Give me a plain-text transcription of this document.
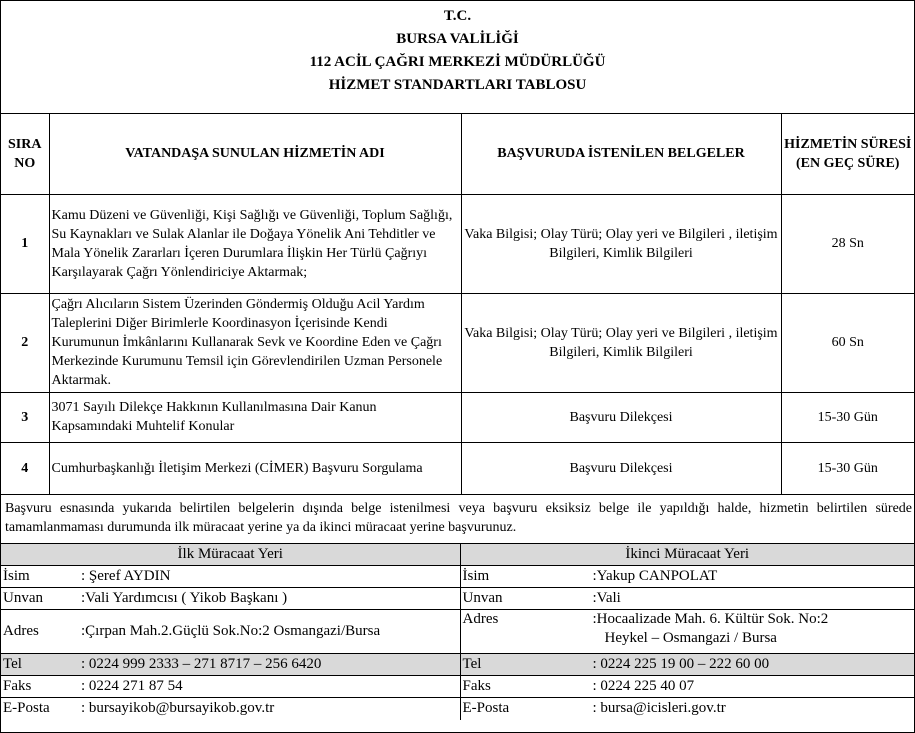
T.C.
BURSA VALİLİĞİ
112 ACİL ÇAĞRI MERKEZİ MÜDÜRLÜĞÜ
HİZMET STANDARTLARI TABLOSU
SIRA NO	VATANDAŞA SUNULAN HİZMETİN ADI	BAŞVURUDA İSTENİLEN BELGELER	HİZMETİN SÜRESİ (EN GEÇ SÜRE)
1	Kamu Düzeni ve Güvenliği, Kişi Sağlığı ve Güvenliği, Toplum Sağlığı, Su Kaynakları ve Sulak Alanlar ile Doğaya Yönelik Ani Tehditler ve Mala Yönelik Zararları İçeren Durumlara İlişkin Her Türlü Çağrıyı Karşılayarak Çağrı Yönlendiriciye Aktarmak;	Vaka Bilgisi; Olay Türü; Olay yeri ve Bilgileri , iletişim Bilgileri, Kimlik Bilgileri	28 Sn
2	Çağrı Alıcıların Sistem Üzerinden Göndermiş Olduğu Acil Yardım Taleplerini Diğer Birimlerle Koordinasyon İçerisinde Kendi Kurumunun İmkânlarını Kullanarak Sevk ve Koordine Eden ve Çağrı Merkezinde Kurumunu Temsil için Görevlendirilen Uzman Personele Aktarmak.	Vaka Bilgisi; Olay Türü; Olay yeri ve Bilgileri , iletişim Bilgileri, Kimlik Bilgileri	60 Sn
3	3071 Sayılı Dilekçe Hakkının Kullanılmasına Dair Kanun Kapsamındaki Muhtelif Konular	Başvuru Dilekçesi	15-30 Gün
4	Cumhurbaşkanlığı İletişim Merkezi (CİMER) Başvuru Sorgulama	Başvuru Dilekçesi	15-30 Gün
Başvuru esnasında yukarıda belirtilen belgelerin dışında belge istenilmesi veya başvuru eksiksiz belge ile yapıldığı halde, hizmetin belirtilen sürede tamamlanmaması durumunda ilk müracaat yerine ya da ikinci müracaat yerine başvurunuz.
İlk Müracaat Yeri	İkinci Müracaat Yeri
İsim : Şeref AYDIN	İsim :Yakup CANPOLAT
Unvan :Vali Yardımcısı ( Yikob Başkanı )	Unvan :Vali
Adres :Çırpan Mah.2.Güçlü Sok.No:2 Osmangazi/Bursa	Adres :Hocaalizade Mah. 6. Kültür Sok. No:2
Heykel – Osmangazi / Bursa

Tel : 0224 999 2333 – 271 8717 – 256 6420	Tel : 0224 225 19 00 – 222 60 00
Faks : 0224 271 87 54	Faks : 0224 225 40 07
E-Posta : bursayikob@bursayikob.gov.tr	E-Posta : bursa@icisleri.gov.tr
